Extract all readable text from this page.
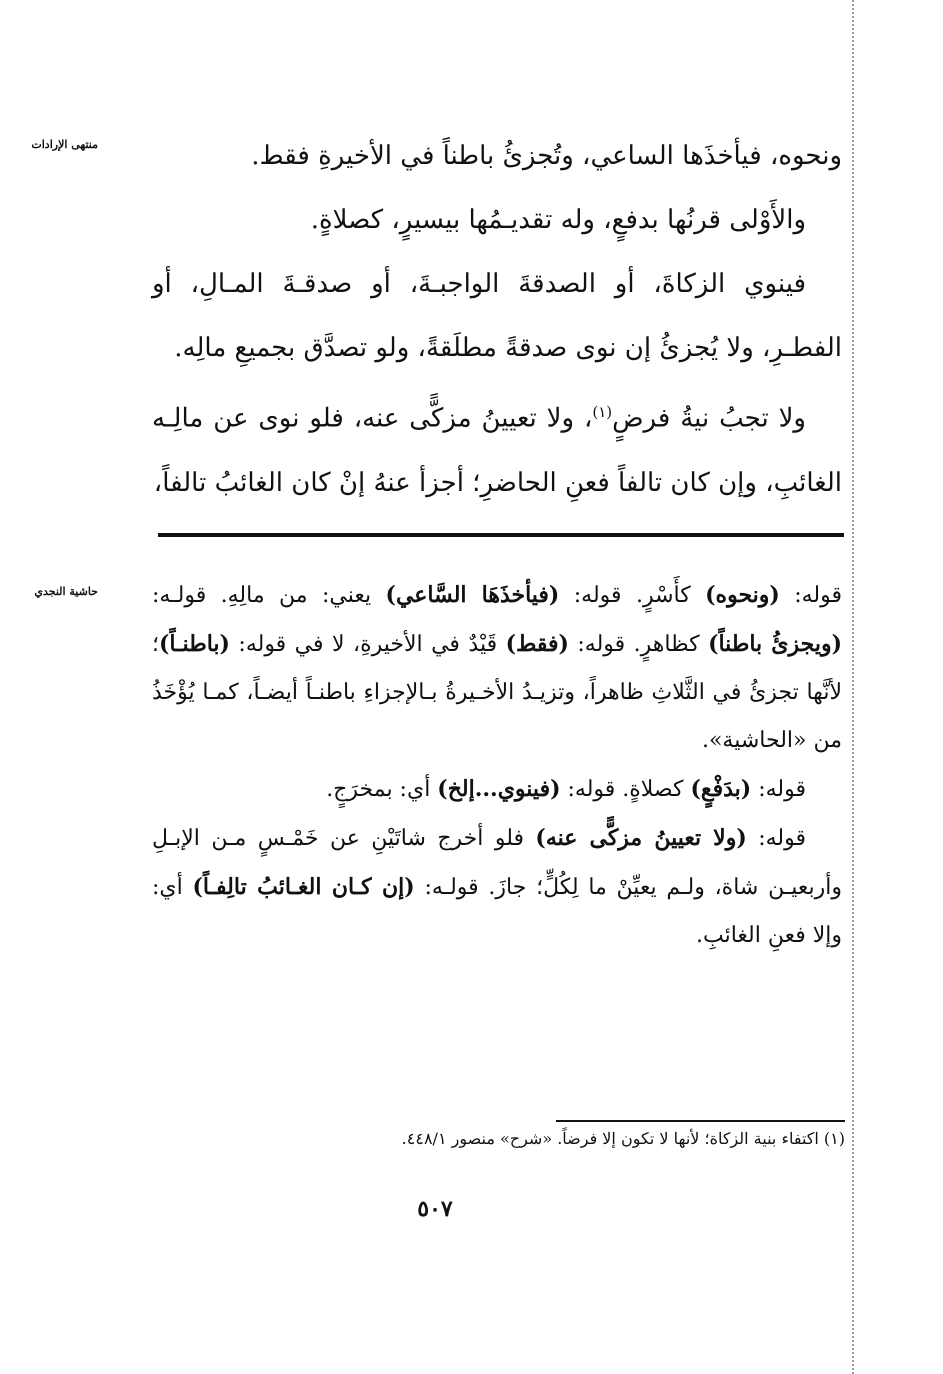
منتهى الإرادات
حاشية النجدي

ونحوه، فيأخذَها الساعي، وتُجزئُ باطناً في الأخيرةِ فقط.

والأَوْلى قرنُها بدفعٍ، وله تقديـمُها بيسيرٍ، كصلاةٍ.

فينوي الزكاةَ، أو الصدقةَ الواجبـةَ، أو صدقـةَ المـالِ، أو الفطـرِ، ولا يُجزئُ إن نوى صدقةً مطلَقةً، ولو تصدَّق بجميعِ مالِه.

ولا تجبُ نيةُ فرضٍ$^{(١)}$، ولا تعيينُ مزكًّى عنه، فلو نوى عن مالِـه الغائبِ، وإن كان تالفاً فعنِ الحاضرِ؛ أجزأ عنهُ إنْ كان الغائبُ تالفاً،

قوله: (ونحوه) كأَسْرٍ. قوله: (فيأخذَهَا السَّاعي) يعني: من مالِهِ. قولـه: (ويجزئُ باطناً) كظاهرٍ. قوله: (فقط) قَيْدٌ في الأخيرةِ، لا في قوله: (باطنـاً)؛ لأنَّها تجزئُ في الثَّلاثِ ظاهراً، وتزيـدُ الأخـيرةُ بـالإجزاءِ باطنـاً أيضـاً، كمـا يُؤْخَذُ من «الحاشية».

قوله: (بدَفْعٍ) كصلاةٍ. قوله: (فينوي...إلخ) أي: بمخرَجٍ.

قوله: (ولا تعيينُ مزكًّى عنه) فلو أخرج شاتَيْنِ عن خَمْـسٍ مـن الإبـلِ وأربعيـن شاة، ولـم يعيِّنْ ما لِكُلٍّ؛ جازَ. قولـه: (إن كـان الغـائبُ تالِفـاً) أي: وإلا فعنِ الغائبِ.

(١) اكتفاء بنية الزكاة؛ لأنها لا تكون إلا فرضاً. «شرح» منصور ٤٤٨/١.
٥٠٧
